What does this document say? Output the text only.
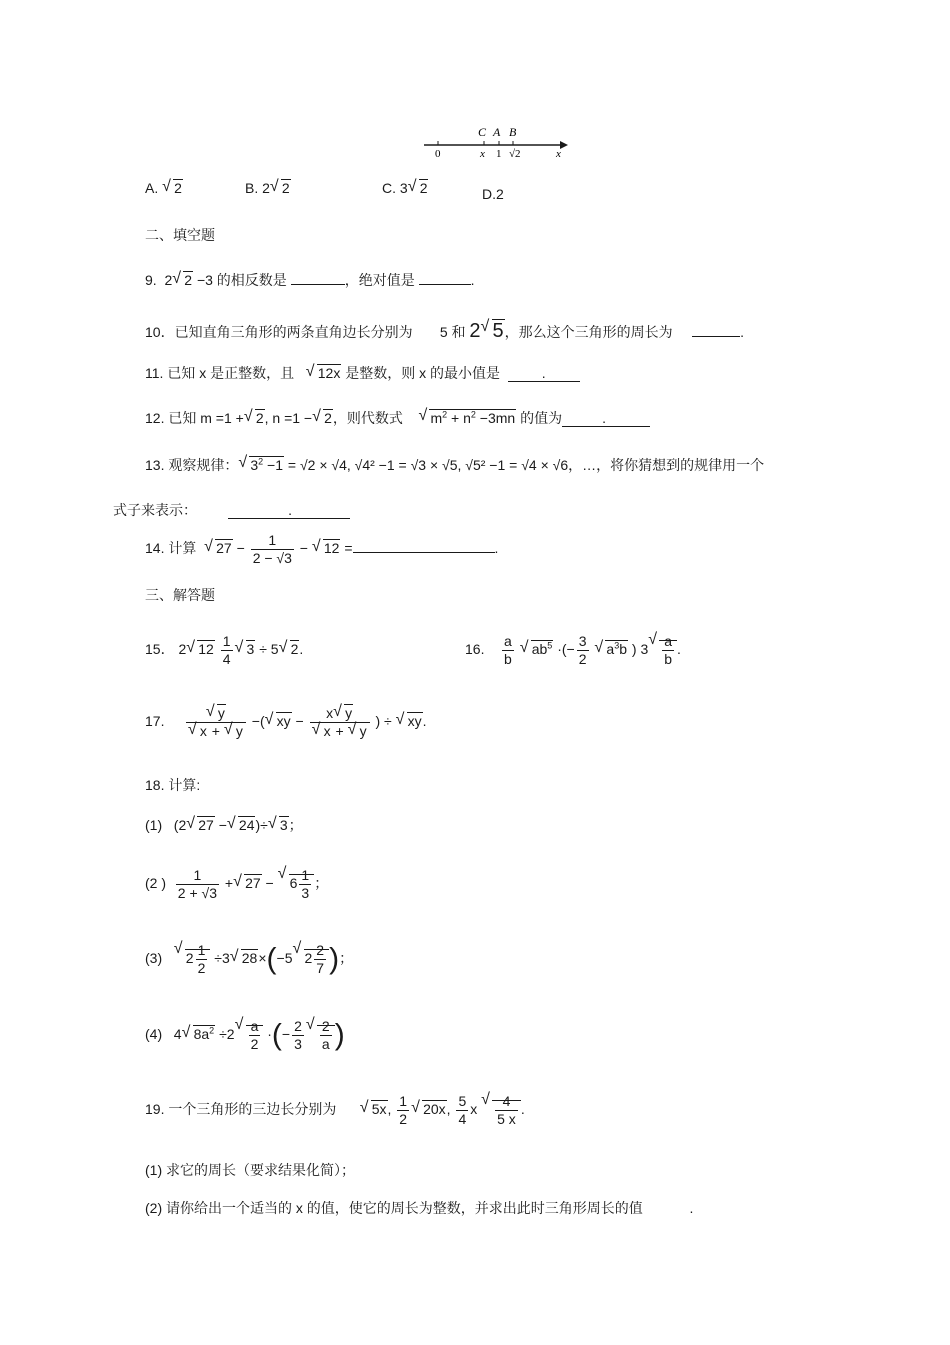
C A B
0	x 1 √2	x
A. √ 2	B. 2√ 2	C. 3√ 2	D.2
二、填空题
9. 2√ 2 −3 的相反数是	，绝对值是	.
10．已知直角三角形的两条直角边长分别为 5 和 2√ 5，那么这个三角形的周长为	.
11. 已知 x 是正整数，且   √ 12x 是整数，则 x 的最小值是	.
12. 已知 m =1 +√ 2, n =1 −√ 2，则代数式    √ $m^2 + n^2 -3mn$ 的值为	.
13. 观察规律：√ $3^2 -1 = √2 \times √4$, √4² −1 = √3 × √5, √5² −1 = √4 × √6，…，将你猜想到的规律用一个
式子来表示：	.
14. 计算  √ $27 - \frac{1}{2 - √3}$ − √ 12 =	.
三、解答题
15． 2√ $12 \frac{1}{4}$
√ 3 ÷ 5√ 2.	16. $\frac{a}{b}$
√ $ab^5$ ·(− $\frac{3}{2}$
√ $a^3b$ ) 3
√ $\frac{a}{b}$ .
17.
√ y
√ x + √ y −(√ xy − x√ y
√ x + √ y ) ÷ √ xy.
18. 计算:
(1) (2√ 27 −√ 24)÷√ 3；
(2 ) $\frac{1}{2 + √3}$ +√ 27 − √ $6 \frac{1}{3}$ ；
(3)   √ $2 \frac{1}{2} \div 3√$ 28×(−5√ $2 \frac{2}{7}$ )；
(4) 4√ $8a^2 \div 2$
√ $\frac{a}{2}$ ·(− $\frac{2}{3}$
√ $\frac{2}{a}$ )
19. 一个三角形的三边长分别为      √	5x, $\frac{1}{2}$
√ 20x, $\frac{5}{4}$ x
√ $\frac{4}{5 x}$ .
(1) 求它的周长（要求结果化简）；
(2) 请你给出一个适当的 x 的值，使它的周长为整数，并求出此时三角形周长的值	.
